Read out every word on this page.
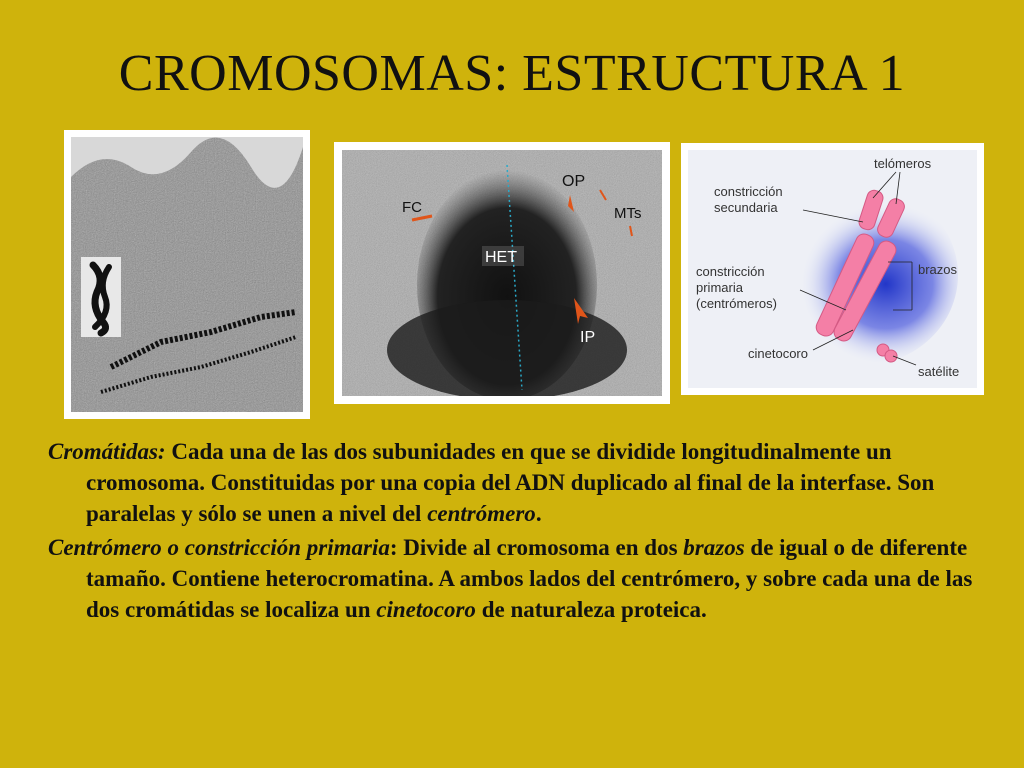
CROMOSOMAS: ESTRUCTURA 1
FC
OP
MTs
HET
IP
telómeros
constricción
secundaria
constricción
primaria
(centrómeros)
brazos
cinetocoro
satélite

Cromátidas: Cada una de las dos subunidades en que se dividide longitudinalmente un cromosoma. Constituidas por una copia del ADN duplicado al final de la interfase. Son paralelas y sólo se unen a nivel del centrómero.

Centrómero o constricción primaria: Divide al cromosoma en dos brazos de igual o de diferente tamaño. Contiene heterocromatina. A ambos lados del centrómero, y sobre cada una de las dos cromátidas se localiza un cinetocoro de naturaleza proteica.
